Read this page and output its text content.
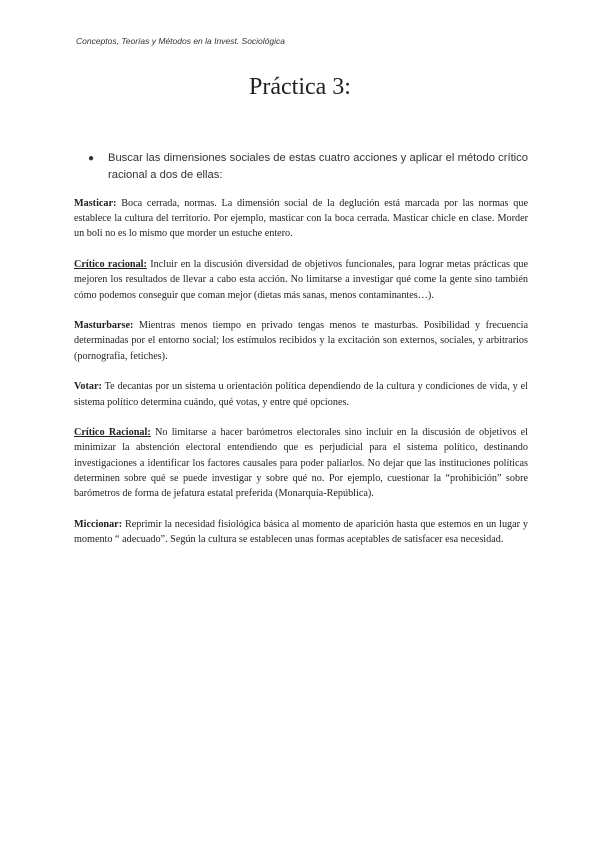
Conceptos, Teorías y Métodos en la Invest. Sociológica
Práctica 3:
●	Buscar las dimensiones sociales de estas cuatro acciones y aplicar el método crítico racional a dos de ellas:

Masticar: Boca cerrada, normas. La dimensión social de la deglución está marcada por las normas que establece la cultura del territorio. Por ejemplo, masticar con la boca cerrada. Masticar chicle en clase. Morder un boli no es lo mismo que morder un estuche entero.

Crítico racional: Incluir en la discusión diversidad de objetivos funcionales, para lograr metas prácticas que mejoren los resultados de llevar a cabo esta acción. No limitarse a investigar qué come la gente sino también cómo podemos conseguir que coman mejor (dietas más sanas, menos contaminantes…).

Masturbarse: Mientras menos tiempo en privado tengas menos te masturbas. Posibilidad y frecuencia determinadas por el entorno social; los estímulos recibidos y la excitación son externos, sociales, y arbitrarios (pornografía, fetiches).

Votar: Te decantas por un sistema u orientación política dependiendo de la cultura y condiciones de vida, y el sistema político determina cuándo, qué votas, y entre qué opciones.

Crítico Racional: No limitarse a hacer barómetros electorales sino incluir en la discusión de objetivos el minimizar la abstención electoral entendiendo que es perjudicial para el sistema político, destinando investigaciones a identificar los factores causales para poder paliarlos. No dejar que las instituciones políticas determinen sobre qué se puede investigar y sobre qué no. Por ejemplo, cuestionar la “prohibición” sobre barómetros de forma de jefatura estatal preferida (Monarquía-República).

Miccionar: Reprimir la necesidad fisiológica básica al momento de aparición hasta que estemos en un lugar y momento “ adecuado”. Según la cultura se establecen unas formas aceptables de satisfacer esa necesidad.
